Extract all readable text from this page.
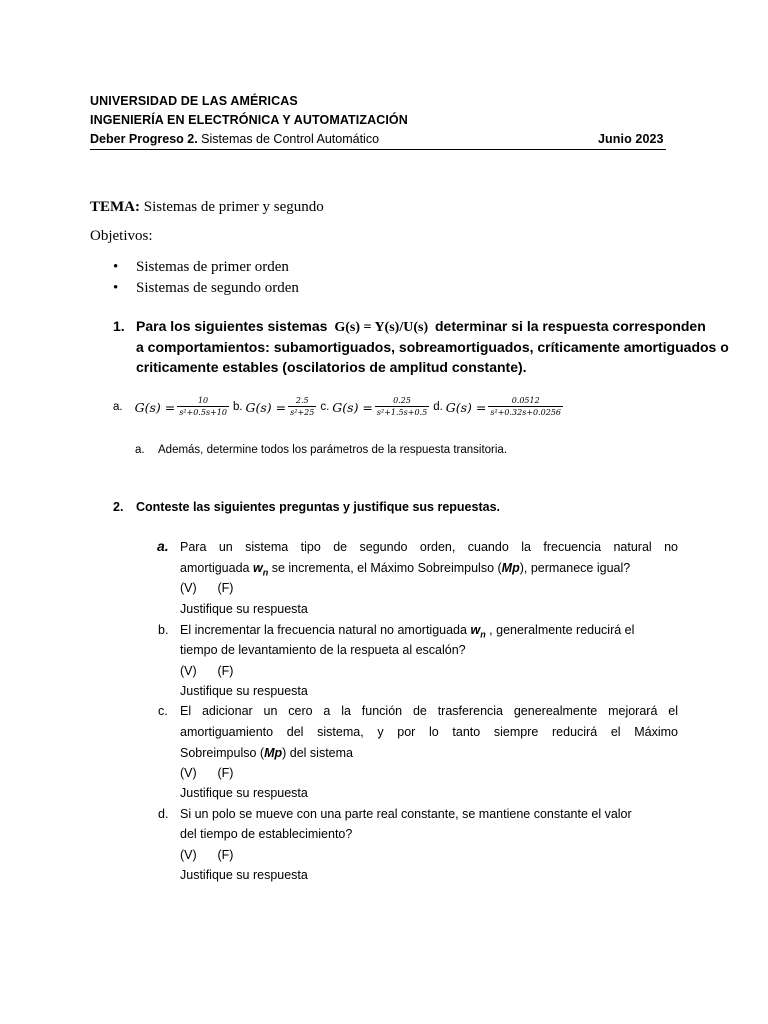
UNIVERSIDAD DE LAS AMÉRICAS
INGENIERÍA EN ELECTRÓNICA Y AUTOMATIZACIÓN
Deber Progreso 2. Sistemas de Control Automático	Junio 2023
TEMA: Sistemas de primer y segundo
Objetivos:
• Sistemas de primer orden
• Sistemas de segundo orden
1. Para los siguientes sistemas G(s) = Y(s)/U(s) determinar si la respuesta corresponden
a comportamientos: subamortiguados, sobreamortiguados, críticamente amortiguados o
criticamente estables (oscilatorios de amplitud constante).
a. $G(s) = \frac{10}{\text{s²+0.5s+10}} b$. $G(s) = \frac{2.5}{\text{s²+25}} c$. $G(s) = \frac{0.25}{\text{s²+1.5s+0.5}} d$. $G(s) = \frac{0.0512}{\text{s²+0.32s+0.0256}}$
a. Además, determine todos los parámetros de la respuesta transitoria.
2. Conteste las siguientes preguntas y justifique sus repuestas.
a. Para un sistema tipo de segundo orden, cuando la frecuencia natural no
amortiguada $w_n$ se incrementa, el Máximo Sobreimpulso (Mp), permanece igual?
(V)      (F)
Justifique su respuesta
b. El incrementar la frecuencia natural no amortiguada $w_n$ , generalmente reducirá el
tiempo de levantamiento de la respueta al escalón?
(V)      (F)
Justifique su respuesta
c. El adicionar un cero a la función de trasferencia generealmente mejorará el
amortiguamiento del sistema, y por lo tanto siempre reducirá el Máximo
Sobreimpulso (Mp) del sistema
(V)      (F)
Justifique su respuesta
d. Si un polo se mueve con una parte real constante, se mantiene constante el valor
del tiempo de establecimiento?
(V)      (F)
Justifique su respuesta
